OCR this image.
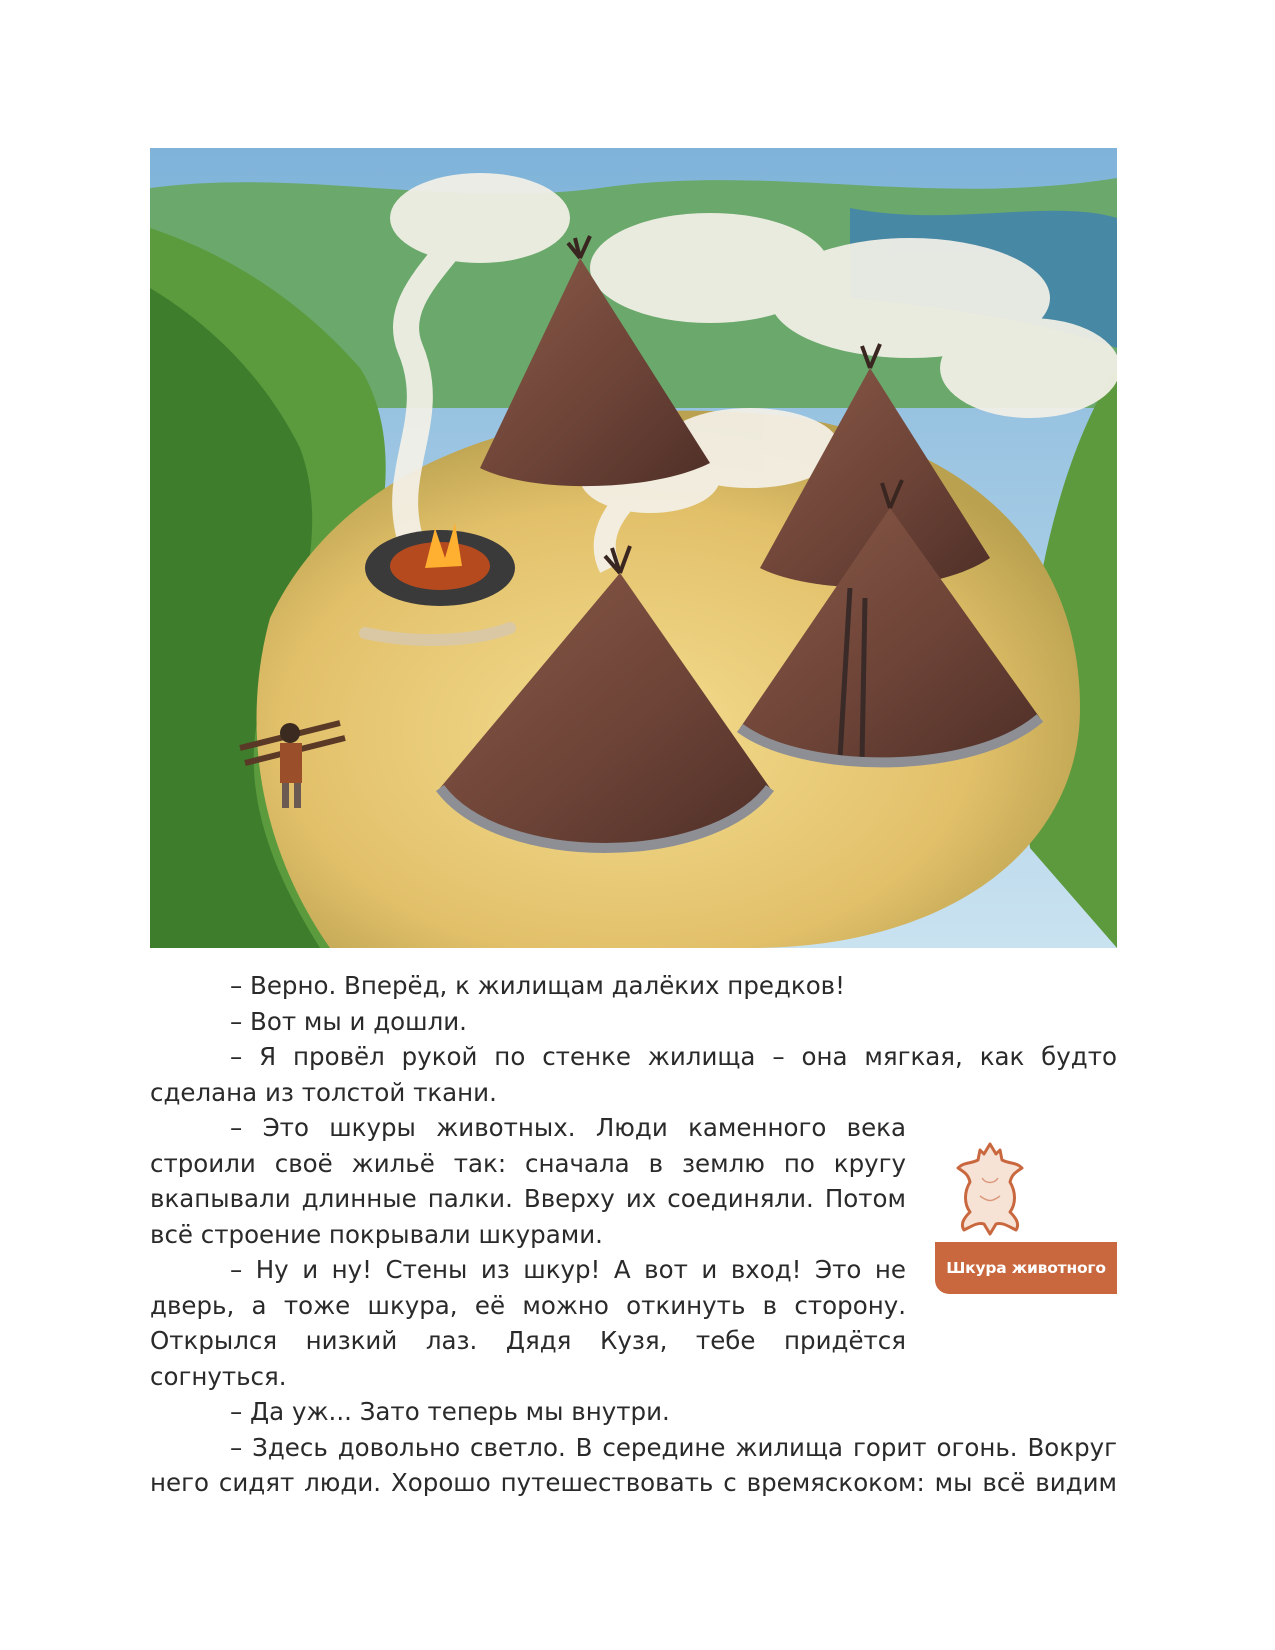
– Верно. Вперёд, к жилищам далёких предков!

– Вот мы и дошли.

– Я провёл рукой по стенке жилища – она мягкая, как будто сделана из толстой ткани.

– Это шкуры животных. Люди каменного века строили своё жильё так: сначала в землю по кругу вкапывали длинные палки. Вверху их соединяли. Потом всё строение покрывали шкурами.

– Ну и ну! Стены из шкур! А вот и вход! Это не дверь, а тоже шкура, её можно откинуть в сторону. Открылся низкий лаз. Дядя Кузя, тебе придётся согнуться.

– Да уж... Зато теперь мы внутри.

– Здесь довольно светло. В середине жилища горит огонь. Вокруг него сидят люди. Хорошо путешествовать с времяскоком: мы всё видим

Шкура животного
